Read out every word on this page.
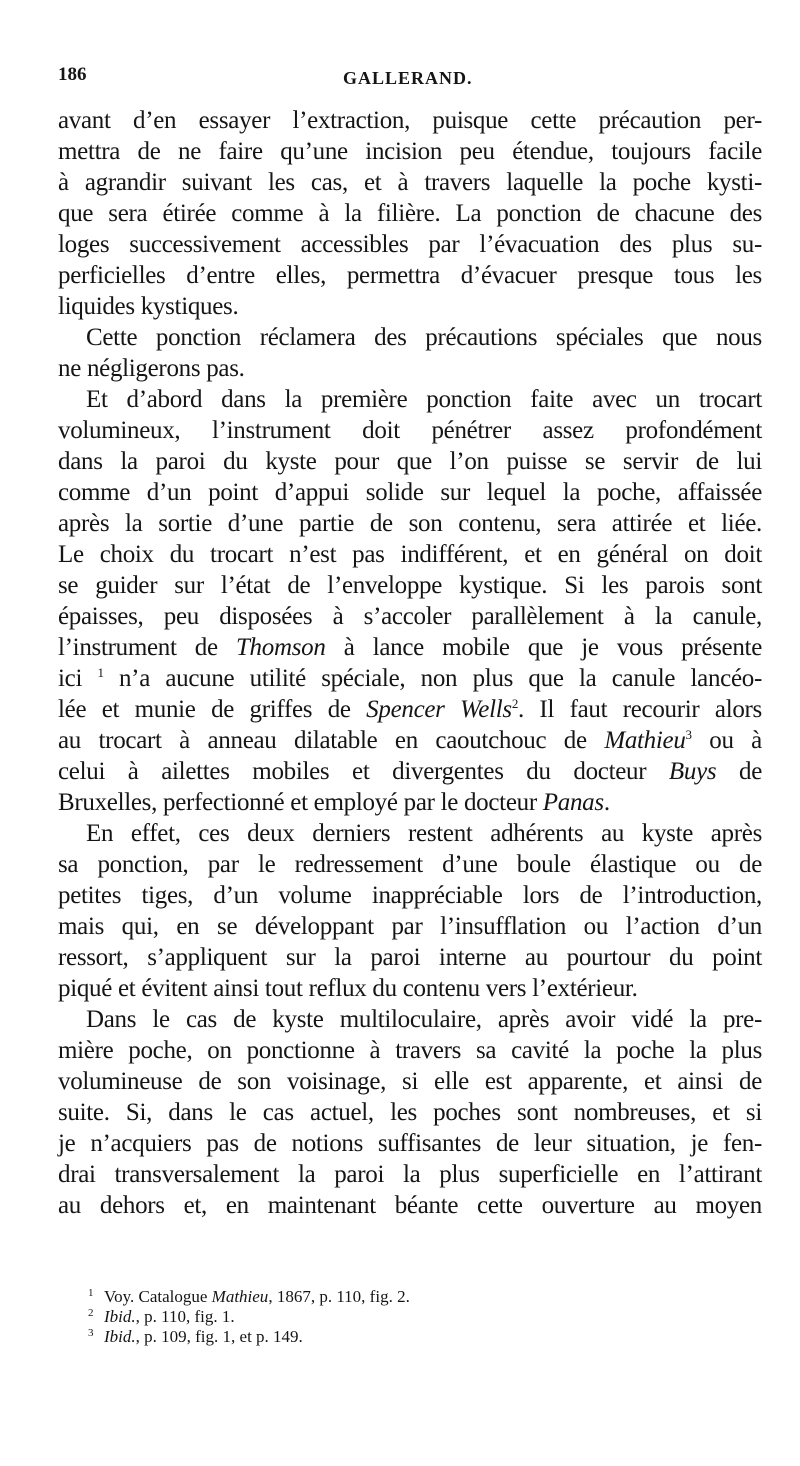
186	GALLERAND.
avant d’en essayer l’extraction, puisque cette précaution per-
mettra de ne faire qu’une incision peu étendue, toujours facile
à agrandir suivant les cas, et à travers laquelle la poche kysti-
que sera étirée comme à la filière. La ponction de chacune des
loges successivement accessibles par l’évacuation des plus su-
perficielles d’entre elles, permettra d’évacuer presque tous les
liquides kystiques.
Cette ponction réclamera des précautions spéciales que nous
ne négligerons pas.
Et d’abord dans la première ponction faite avec un trocart
volumineux, l’instrument doit pénétrer assez profondément
dans la paroi du kyste pour que l’on puisse se servir de lui
comme d’un point d’appui solide sur lequel la poche, affaissée
après la sortie d’une partie de son contenu, sera attirée et liée.
Le choix du trocart n’est pas indifférent, et en général on doit
se guider sur l’état de l’enveloppe kystique. Si les parois sont
épaisses, peu disposées à s’accoler parallèlement à la canule,
l’instrument de Thomson à lance mobile que je vous présente
ici $^1$ n’a aucune utilité spéciale, non plus que la canule lancéo-
lée et munie de griffes de Spencer Wells$^2$. Il faut recourir alors
au trocart à anneau dilatable en caoutchouc de Mathieu$^3$ ou à
celui à ailettes mobiles et divergentes du docteur Buys de
Bruxelles, perfectionné et employé par le docteur Panas.
En effet, ces deux derniers restent adhérents au kyste après
sa ponction, par le redressement d’une boule élastique ou de
petites tiges, d’un volume inappréciable lors de l’introduction,
mais qui, en se développant par l’insufflation ou l’action d’un
ressort, s’appliquent sur la paroi interne au pourtour du point
piqué et évitent ainsi tout reflux du contenu vers l’extérieur.
Dans le cas de kyste multiloculaire, après avoir vidé la pre-
mière poche, on ponctionne à travers sa cavité la poche la plus
volumineuse de son voisinage, si elle est apparente, et ainsi de
suite. Si, dans le cas actuel, les poches sont nombreuses, et si
je n’acquiers pas de notions suffisantes de leur situation, je fen-
drai transversalement la paroi la plus superficielle en l’attirant
au dehors et, en maintenant béante cette ouverture au moyen
$^1$ Voy. Catalogue Mathieu, 1867, p. 110, fig. 2.
$^2$ Ibid., p. 110, fig. 1.
$^3$ Ibid., p. 109, fig. 1, et p. 149.
